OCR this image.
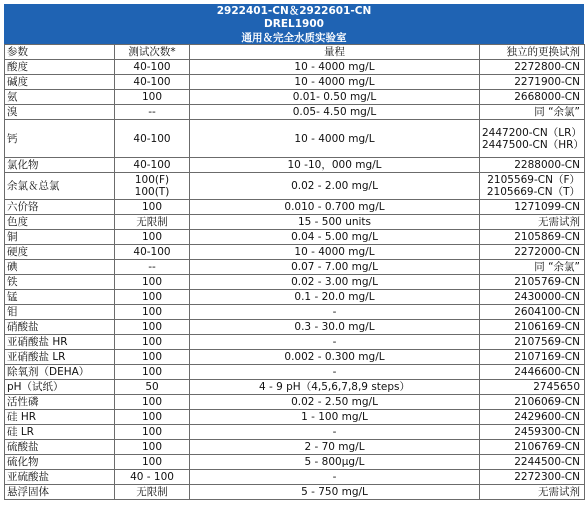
2922401-CN＆2922601-CN
DREL1900
通用＆完全水质实验室
参数	测试次数*	量程	独立的更换试剂
酸度	40-100	10 - 4000 mg/L	2272800-CN

碱度	40-100	10 - 4000 mg/L	2271900-CN

氨	100	0.01- 0.50 mg/L	2668000-CN

溴	--	0.05- 4.50 mg/L	同 “余氯”

钙	40-100	10 - 4000 mg/L	2447200-CN（LR）
2447500-CN（HR）

氯化物	40-100	10 -10，000 mg/L	2288000-CN

余氯＆总氯	100(F)
100(T)	0.02 - 2.00 mg/L	2105569-CN（F）
2105669-CN（T）

六价铬	100	0.010 - 0.700 mg/L	1271099-CN

色度	无限制	15 - 500 units	无需试剂

铜	100	0.04 - 5.00 mg/L	2105869-CN

硬度	40-100	10 - 4000 mg/L	2272000-CN

碘	--	0.07 - 7.00 mg/L	同 “余氯”

铁	100	0.02 - 3.00 mg/L	2105769-CN

锰	100	0.1 - 20.0 mg/L	2430000-CN

钼	100	-	2604100-CN

硝酸盐	100	0.3 - 30.0 mg/L	2106169-CN

亚硝酸盐 HR	100	-	2107569-CN

亚硝酸盐 LR	100	0.002 - 0.300 mg/L	2107169-CN

除氧剂（DEHA）	100	-	2446600-CN

pH（试纸）	50	4 - 9 pH（4,5,6,7,8,9 steps）	2745650

活性磷	100	0.02 - 2.50 mg/L	2106069-CN

硅 HR	100	1 - 100 mg/L	2429600-CN

硅 LR	100	-	2459300-CN

硫酸盐	100	2 - 70 mg/L	2106769-CN

硫化物	100	5 - 800µg/L	2244500-CN

亚硫酸盐	40 - 100	-	2272300-CN

悬浮固体	无限制	5 - 750 mg/L	无需试剂
